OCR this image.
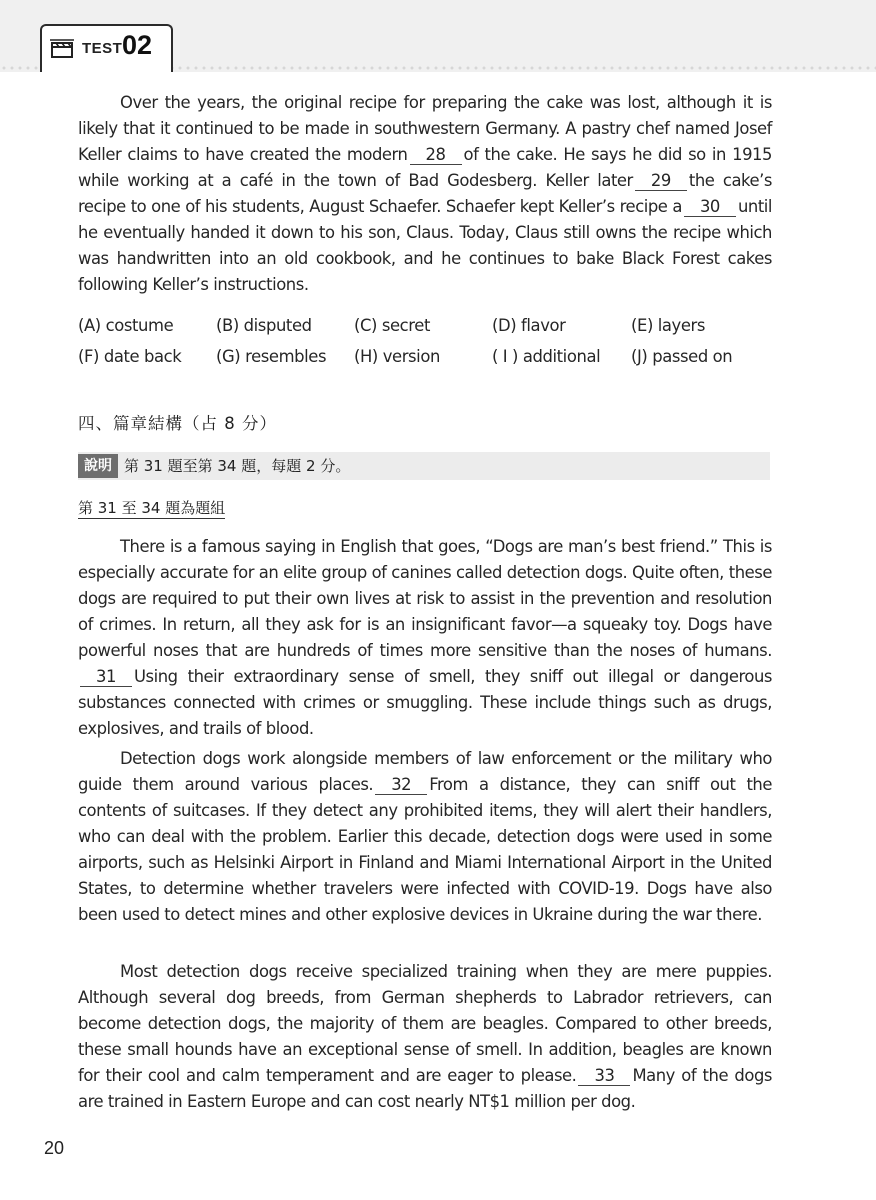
TEST 02

Over the years, the original recipe for preparing the cake was lost, although it is likely that it continued to be made in southwestern Germany. A pastry chef named Josef Keller claims to have created the modern 28 of the cake. He says he did so in 1915 while working at a café in the town of Bad Godesberg. Keller later 29 the cake’s recipe to one of his students, August Schaefer. Schaefer kept Keller’s recipe a 30 until he eventually handed it down to his son, Claus. Today, Claus still owns the recipe which was handwritten into an old cookbook, and he continues to bake Black Forest cakes following Keller’s instructions.

(A) costume	(B) disputed	(C) secret	(D) flavor	(E) layers
(F) date back (G) resembles (H) version	( I ) additional (J) passed on
四、篇章結構（占 8 分）
說明 第 31 題至第 34 題，每題 2 分。
第 31 至 34 題為題組

There is a famous saying in English that goes, “Dogs are man’s best friend.” This is especially accurate for an elite group of canines called detection dogs. Quite often, these dogs are required to put their own lives at risk to assist in the prevention and resolution of crimes. In return, all they ask for is an insignificant favor—a squeaky toy. Dogs have powerful noses that are hundreds of times more sensitive than the noses of humans.31 Using their extraordinary sense of smell, they sniff out illegal or dangerous substances connected with crimes or smuggling. These include things such as drugs, explosives, and trails of blood.

Detection dogs work alongside members of law enforcement or the military who guide them around various places. 32 From a distance, they can sniff out the contents of suitcases. If they detect any prohibited items, they will alert their handlers, who can deal with the problem. Earlier this decade, detection dogs were used in some airports, such as Helsinki Airport in Finland and Miami International Airport in the United States, to determine whether travelers were infected with COVID-19. Dogs have also been used to detect mines and other explosive devices in Ukraine during the war there.

Most detection dogs receive specialized training when they are mere puppies. Although several dog breeds, from German shepherds to Labrador retrievers, can become detection dogs, the majority of them are beagles. Compared to other breeds, these small hounds have an exceptional sense of smell. In addition, beagles are known for their cool and calm temperament and are eager to please. 33 Many of the dogs are trained in Eastern Europe and can cost nearly NT$1 million per dog.

20
